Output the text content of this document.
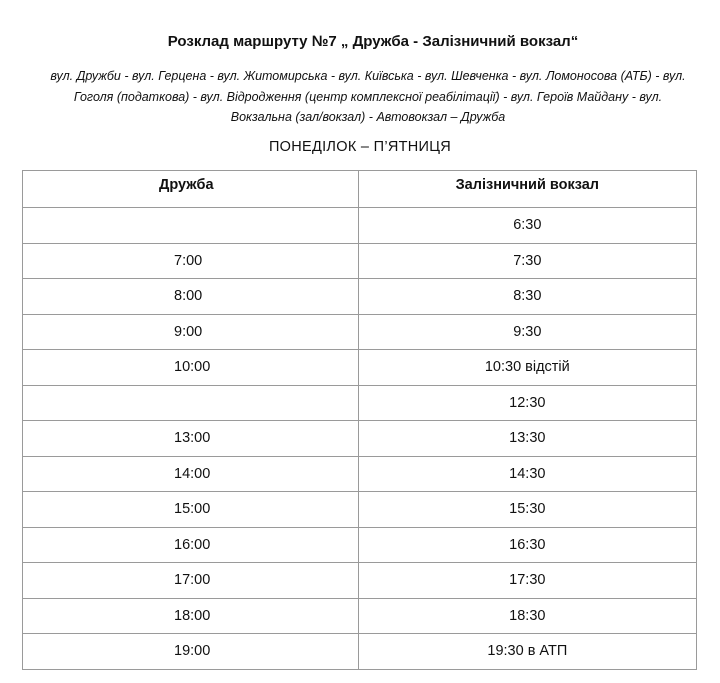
Розклад маршруту №7 „ Дружба - Залізничний вокзал“

вул. Дружби - вул. Герцена - вул. Житомирська - вул. Київська - вул. Шевченка - вул. Ломоносова (АТБ) - вул.
Гоголя (податкова) - вул. Відродження (центр комплексної реабілітації) - вул. Героїв Майдану - вул.
Вокзальна (зал/вокзал) - Автовокзал – Дружба

ПОНЕДІЛОК – П’ЯТНИЦЯ

Дружба	Залізничний вокзал
	6:30
7:00	7:30
8:00	8:30
9:00	9:30
10:00	10:30 відстій
	12:30
13:00	13:30
14:00	14:30
15:00	15:30
16:00	16:30
17:00	17:30
18:00	18:30
19:00	19:30 в АТП
